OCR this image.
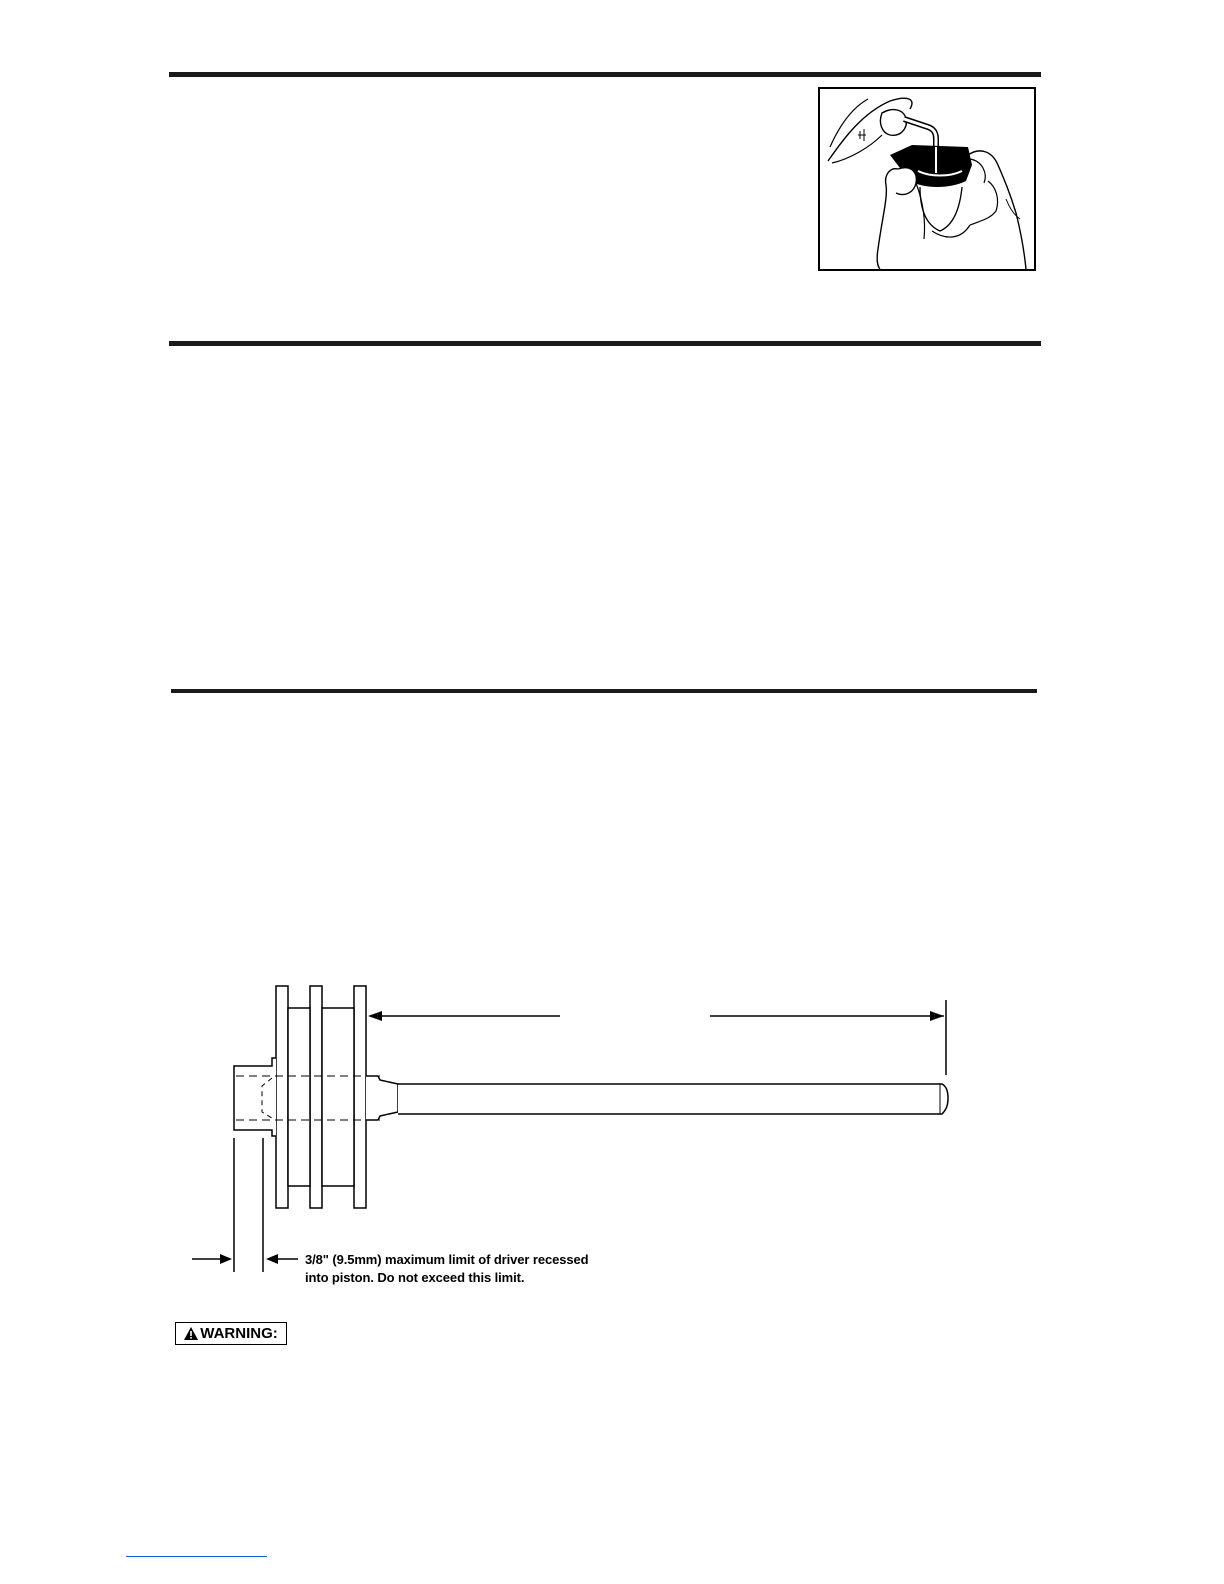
3/8" (9.5mm) maximum limit of driver recessed
into piston. Do not exceed this limit.
WARNING:
